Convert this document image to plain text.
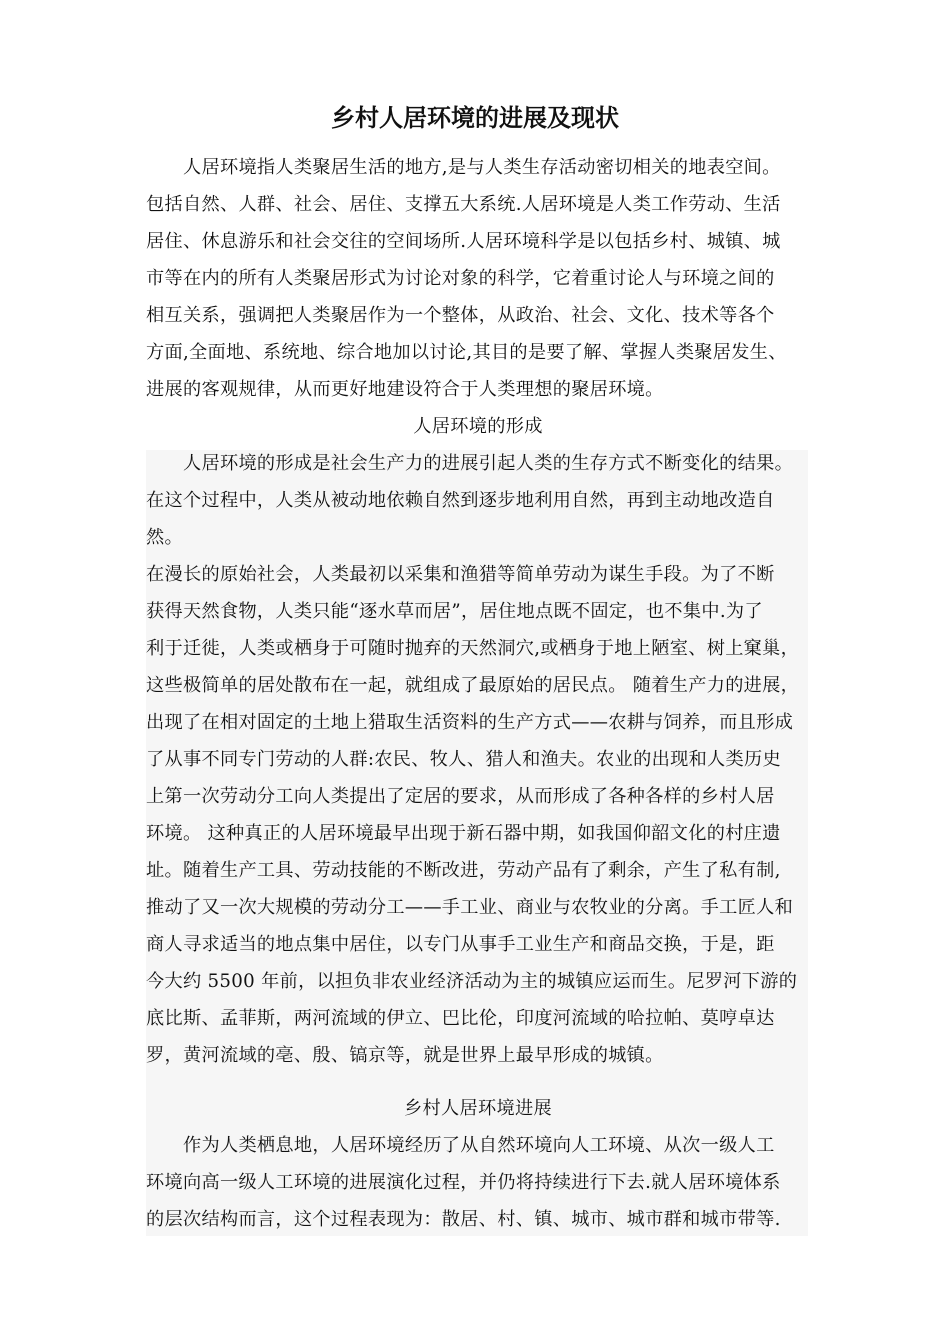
乡村人居环境的进展及现状
　　人居环境指人类聚居生活的地方,是与人类生存活动密切相关的地表空间。
包括自然、人群、社会、居住、支撑五大系统.人居环境是人类工作劳动、生活
居住、休息游乐和社会交往的空间场所.人居环境科学是以包括乡村、城镇、城
市等在内的所有人类聚居形式为讨论对象的科学，它着重讨论人与环境之间的
相互关系，强调把人类聚居作为一个整体，从政治、社会、文化、技术等各个
方面,全面地、系统地、综合地加以讨论,其目的是要了解、掌握人类聚居发生、
进展的客观规律，从而更好地建设符合于人类理想的聚居环境。
人居环境的形成
　　人居环境的形成是社会生产力的进展引起人类的生存方式不断变化的结果。
在这个过程中，人类从被动地依赖自然到逐步地利用自然，再到主动地改造自
然。
在漫长的原始社会，人类最初以采集和渔猎等简单劳动为谋生手段。为了不断
获得天然食物，人类只能“逐水草而居”，居住地点既不固定，也不集中.为了
利于迁徙，人类或栖身于可随时抛弃的天然洞穴,或栖身于地上陋室、树上窠巢，
这些极简单的居处散布在一起，就组成了最原始的居民点。 随着生产力的进展，
出现了在相对固定的土地上猎取生活资料的生产方式——农耕与饲养，而且形成
了从事不同专门劳动的人群:农民、牧人、猎人和渔夫。农业的出现和人类历史
上第一次劳动分工向人类提出了定居的要求，从而形成了各种各样的乡村人居
环境。 这种真正的人居环境最早出现于新石器中期，如我国仰韶文化的村庄遗
址。随着生产工具、劳动技能的不断改进，劳动产品有了剩余，产生了私有制,
推动了又一次大规模的劳动分工——手工业、商业与农牧业的分离。手工匠人和
商人寻求适当的地点集中居住，以专门从事手工业生产和商品交换，于是，距
今大约 5500 年前，以担负非农业经济活动为主的城镇应运而生。尼罗河下游的
底比斯、孟菲斯，两河流域的伊立、巴比伦，印度河流域的哈拉帕、莫哼卓达
罗，黄河流域的亳、殷、镐京等，就是世界上最早形成的城镇。
乡村人居环境进展
　　作为人类栖息地，人居环境经历了从自然环境向人工环境、从次一级人工
环境向高一级人工环境的进展演化过程，并仍将持续进行下去.就人居环境体系
的层次结构而言，这个过程表现为：散居、村、镇、城市、城市群和城市带等.
